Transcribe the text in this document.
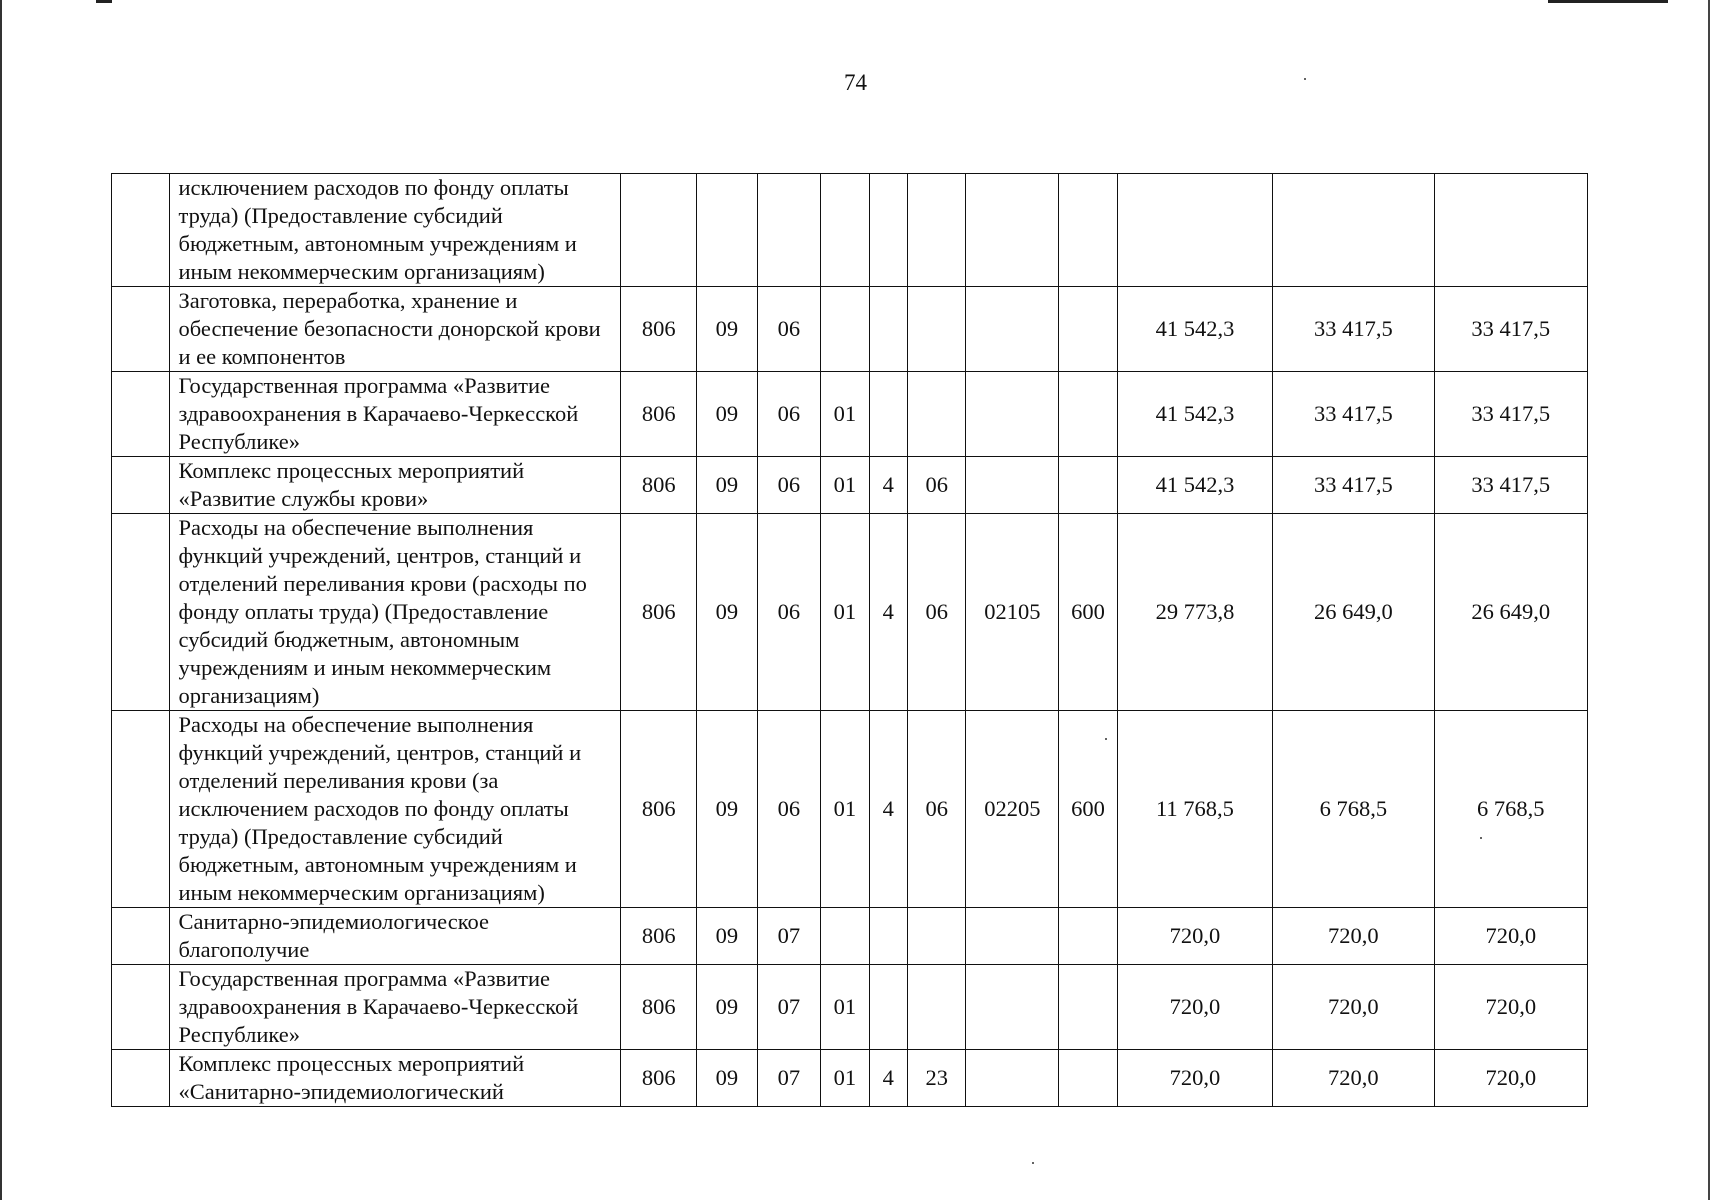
74
	исключением расходов по фонду оплаты труда) (Предоставление субсидий бюджетным, автономным учреждениям и иным некоммерческим организациям)											
	Заготовка, переработка, хранение и обеспечение безопасности донорской крови и ее компонентов	806	09	06						41 542,3	33 417,5	33 417,5
	Государственная программа «Развитие здравоохранения в Карачаево-Черкесской Республике»	806	09	06	01					41 542,3	33 417,5	33 417,5
	Комплекс процессных мероприятий «Развитие службы крови»	806	09	06	01	4	06			41 542,3	33 417,5	33 417,5
	Расходы на обеспечение выполнения функций учреждений, центров, станций и отделений переливания крови (расходы по фонду оплаты труда) (Предоставление субсидий бюджетным, автономным учреждениям и иным некоммерческим организациям)	806	09	06	01	4	06	02105	600	29 773,8	26 649,0	26 649,0
	Расходы на обеспечение выполнения функций учреждений, центров, станций и отделений переливания крови (за исключением расходов по фонду оплаты труда) (Предоставление субсидий бюджетным, автономным учреждениям и иным некоммерческим организациям)	806	09	06	01	4	06	02205	600	11 768,5	6 768,5	6 768,5
	Санитарно-эпидемиологическое благополучие	806	09	07						720,0	720,0	720,0
	Государственная программа «Развитие здравоохранения в Карачаево-Черкесской Республике»	806	09	07	01					720,0	720,0	720,0
	Комплекс процессных мероприятий «Санитарно-эпидемиологический	806	09	07	01	4	23			720,0	720,0	720,0
